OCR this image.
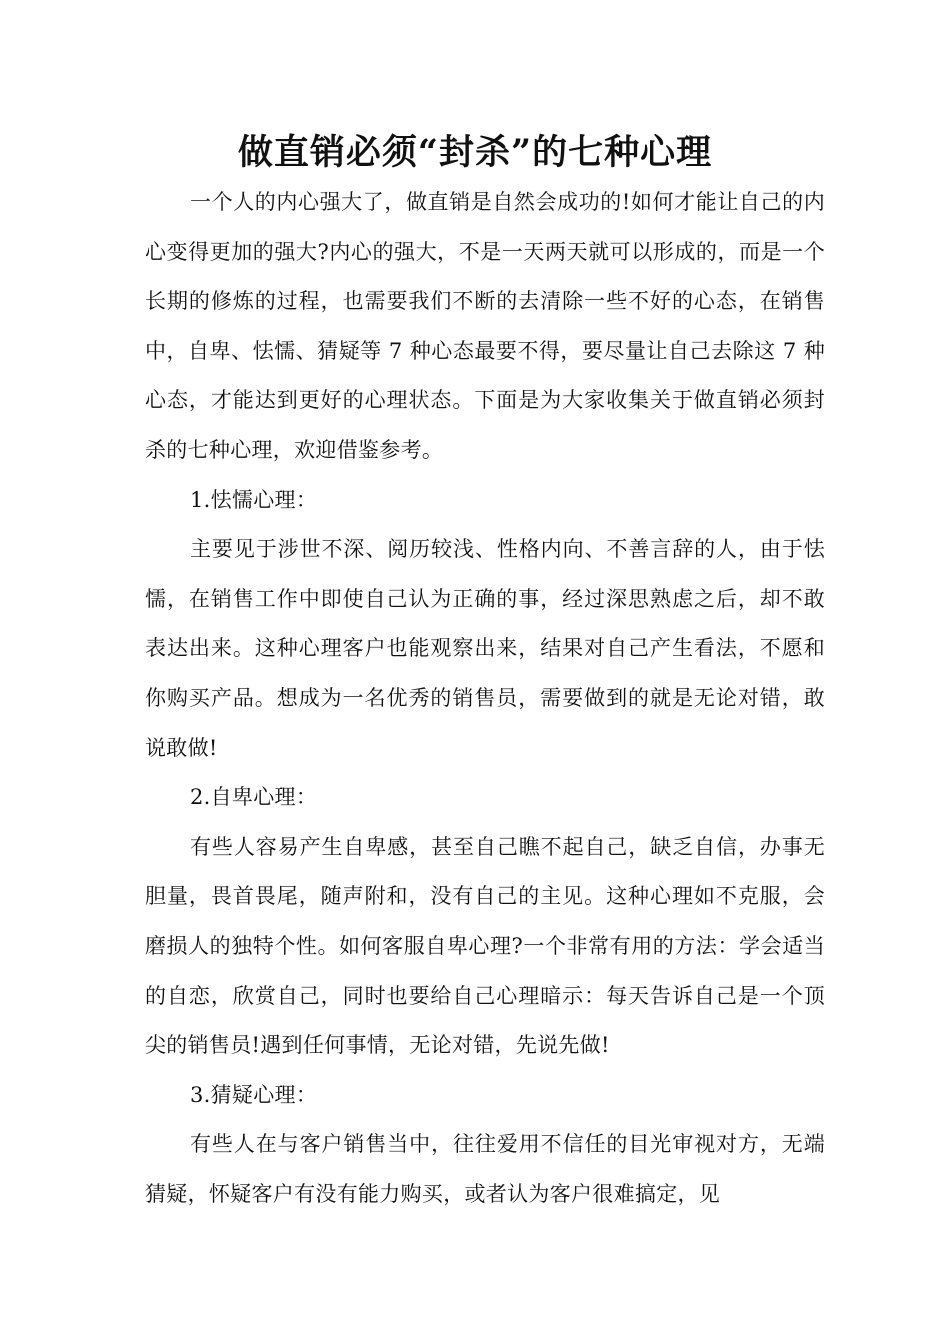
做直销必须“封杀”的七种心理

一个人的内心强大了，做直销是自然会成功的!如何才能让自己的内心变得更加的强大?内心的强大，不是一天两天就可以形成的，而是一个长期的修炼的过程，也需要我们不断的去清除一些不好的心态，在销售中，自卑、怯懦、猜疑等 7 种心态最要不得，要尽量让自己去除这 7 种心态，才能达到更好的心理状态。下面是为大家收集关于做直销必须封杀的七种心理，欢迎借鉴参考。

1.怯懦心理：

主要见于涉世不深、阅历较浅、性格内向、不善言辞的人，由于怯懦，在销售工作中即使自己认为正确的事，经过深思熟虑之后，却不敢表达出来。这种心理客户也能观察出来，结果对自己产生看法，不愿和你购买产品。想成为一名优秀的销售员，需要做到的就是无论对错，敢说敢做!

2.自卑心理：

有些人容易产生自卑感，甚至自己瞧不起自己，缺乏自信，办事无胆量，畏首畏尾，随声附和，没有自己的主见。这种心理如不克服，会磨损人的独特个性。如何客服自卑心理?一个非常有用的方法：学会适当的自恋，欣赏自己，同时也要给自己心理暗示：每天告诉自己是一个顶尖的销售员!遇到任何事情，无论对错，先说先做!

3.猜疑心理：

有些人在与客户销售当中，往往爱用不信任的目光审视对方，无端猜疑，怀疑客户有没有能力购买，或者认为客户很难搞定，见
